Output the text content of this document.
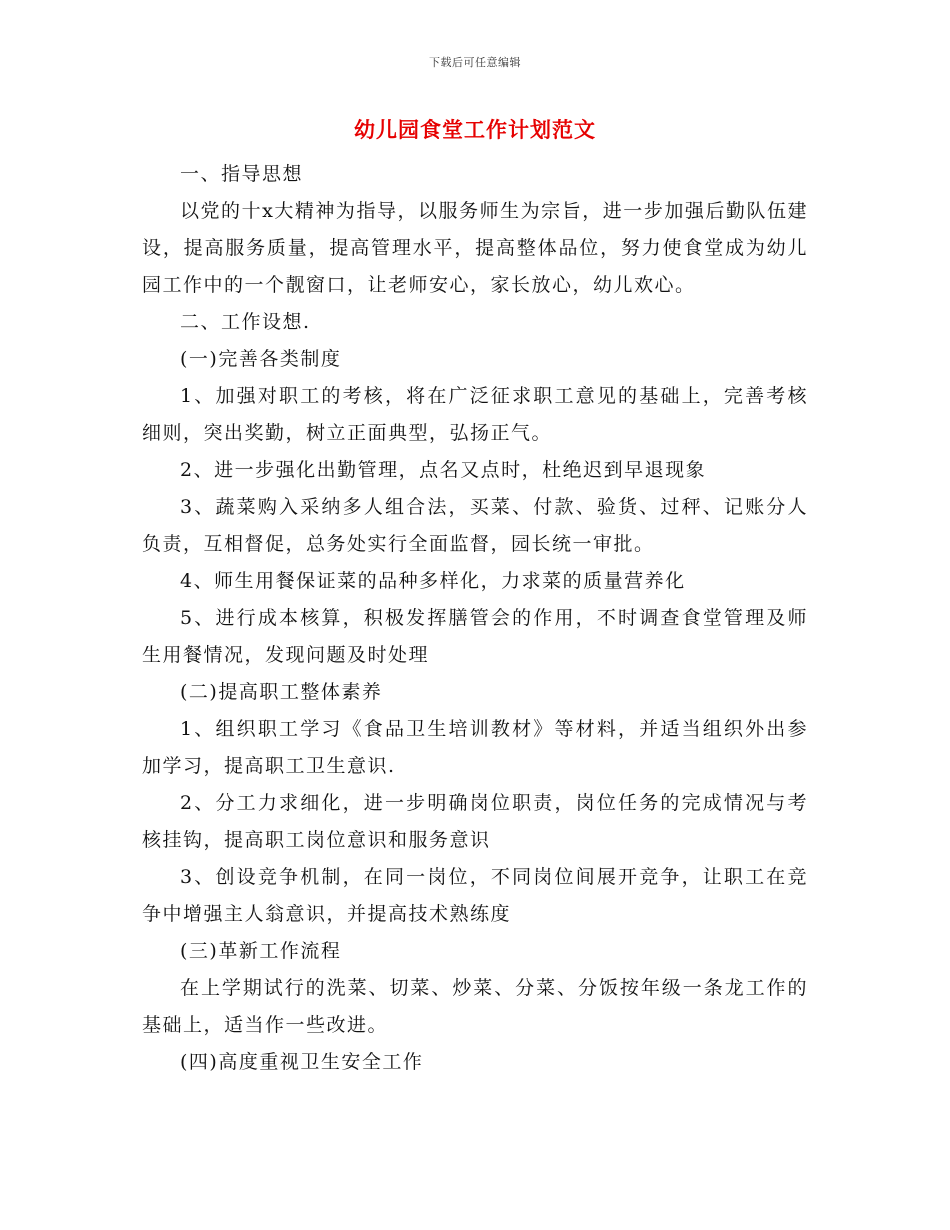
下载后可任意编辑
幼儿园食堂工作计划范文

一、指导思想

以党的十x大精神为指导，以服务师生为宗旨，进一步加强后勤队伍建设，提高服务质量，提高管理水平，提高整体品位，努力使食堂成为幼儿园工作中的一个靓窗口，让老师安心，家长放心，幼儿欢心。

二、工作设想.

(一)完善各类制度

1、加强对职工的考核，将在广泛征求职工意见的基础上，完善考核细则，突出奖勤，树立正面典型，弘扬正气。

2、进一步强化出勤管理，点名又点时，杜绝迟到早退现象

3、蔬菜购入采纳多人组合法，买菜、付款、验货、过秤、记账分人负责，互相督促，总务处实行全面监督，园长统一审批。

4、师生用餐保证菜的品种多样化，力求菜的质量营养化

5、进行成本核算，积极发挥膳管会的作用，不时调查食堂管理及师生用餐情况，发现问题及时处理

(二)提高职工整体素养

1、组织职工学习《食品卫生培训教材》等材料，并适当组织外出参加学习，提高职工卫生意识.

2、分工力求细化，进一步明确岗位职责，岗位任务的完成情况与考核挂钩，提高职工岗位意识和服务意识

3、创设竞争机制，在同一岗位，不同岗位间展开竞争，让职工在竞争中增强主人翁意识，并提高技术熟练度

(三)革新工作流程

在上学期试行的洗菜、切菜、炒菜、分菜、分饭按年级一条龙工作的基础上，适当作一些改进。

(四)高度重视卫生安全工作
